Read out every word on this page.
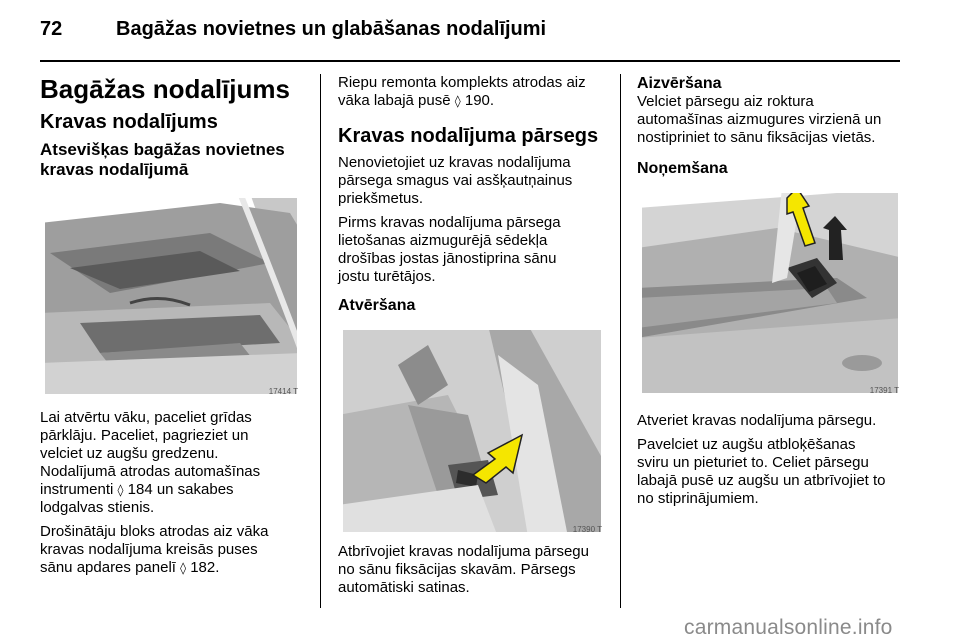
72	Bagāžas novietnes un glabāšanas nodalījumi
Bagāžas nodalījums
Kravas nodalījums
Atsevišķas bagāžas novietnes
kravas nodalījumā
17414 T

Lai atvērtu vāku, paceliet grīdas

pārklāju. Paceliet, pagrieziet un

velciet uz augšu gredzenu.

Nodalījumā atrodas automašīnas

instrumenti ◊ 184 un sakabes

lodgalvas stienis.

Drošinātāju bloks atrodas aiz vāka

kravas nodalījuma kreisās puses

sānu apdares panelī ◊ 182.

Riepu remonta komplekts atrodas aiz

vāka labajā pusē ◊ 190.

Kravas nodalījuma pārsegs

Nenovietojiet uz kravas nodalījuma

pārsega smagus vai asšķautņainus

priekšmetus.

Pirms kravas nodalījuma pārsega

lietošanas aizmugurējā sēdekļa

drošības jostas jānostiprina sānu

jostu turētājos.

Atvēršana
17390 T

Atbrīvojiet kravas nodalījuma pārsegu

no sānu fiksācijas skavām. Pārsegs

automātiski satinas.

Aizvēršana

Velciet pārsegu aiz roktura

automašīnas aizmugures virzienā un

nostipriniet to sānu fiksācijas vietās.

Noņemšana
17391 T

Atveriet kravas nodalījuma pārsegu.

Pavelciet uz augšu atbloķēšanas

sviru un pieturiet to. Celiet pārsegu

labajā pusē uz augšu un atbrīvojiet to

no stiprinājumiem.

carmanualsonline.info
